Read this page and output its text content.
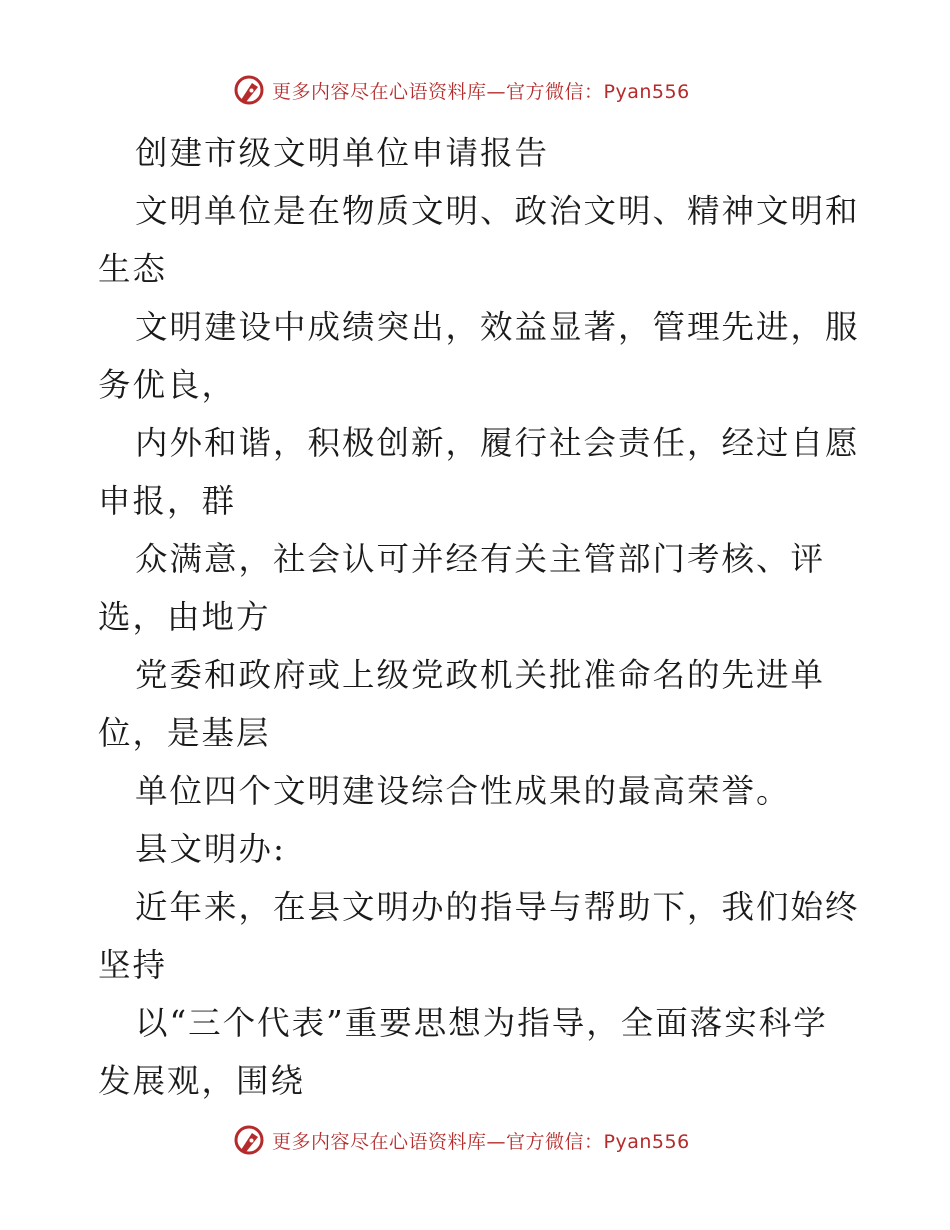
更多内容尽在心语资料库—官方微信：Pyan556
创建市级文明单位申请报告
文明单位是在物质文明、政治文明、精神文明和
生态
文明建设中成绩突出，效益显著，管理先进，服
务优良，
内外和谐，积极创新，履行社会责任，经过自愿
申报，群
众满意，社会认可并经有关主管部门考核、评
选，由地方
党委和政府或上级党政机关批准命名的先进单
位，是基层
单位四个文明建设综合性成果的最高荣誉。
县文明办:
近年来，在县文明办的指导与帮助下，我们始终
坚持
以“三个代表”重要思想为指导，全面落实科学
发展观，围绕
更多内容尽在心语资料库—官方微信：Pyan556
